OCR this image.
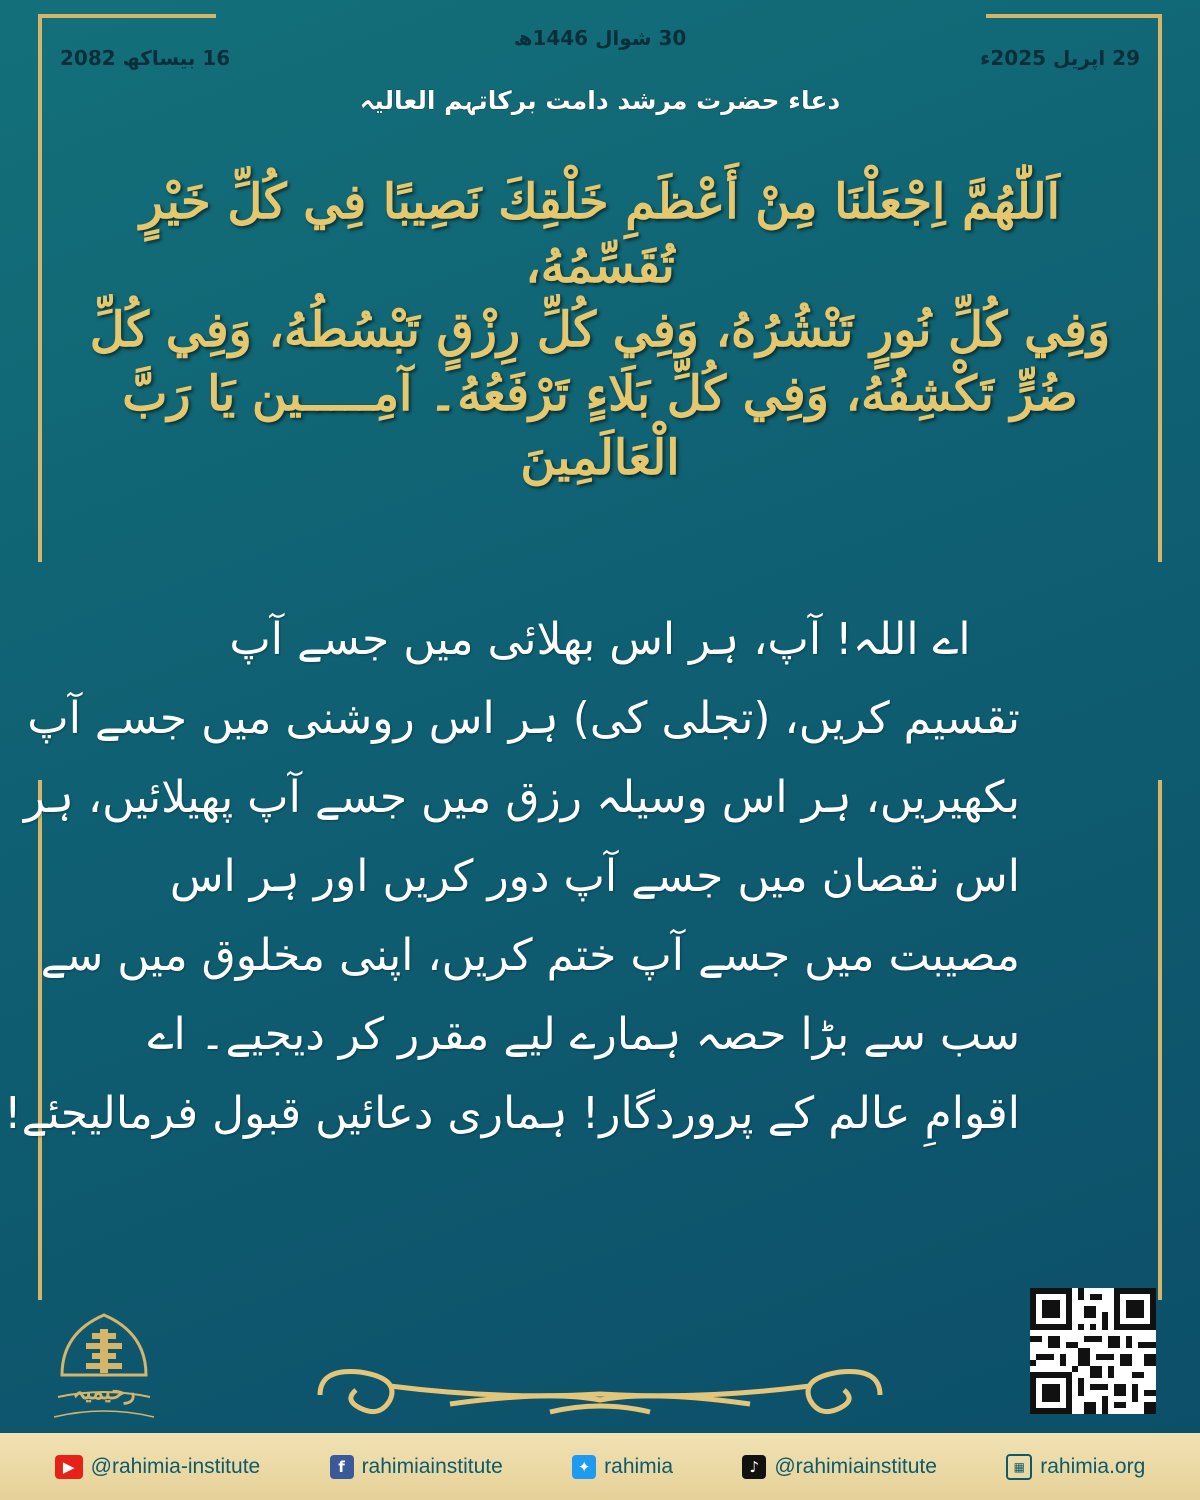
30 شوال 1446ھ
16 بیساکھ 2082	29 اپریل 2025ء
دعاء حضرت مرشد دامت برکاتہم العالیہ
اَللّٰهُمَّ اِجْعَلْنَا مِنْ أَعْظَمِ خَلْقِكَ نَصِيبًا فِي كُلِّ خَيْرٍ تُقَسِّمُهُ،
وَفِي كُلِّ نُورٍ تَنْشُرُهُ، وَفِي كُلِّ رِزْقٍ تَبْسُطُهُ، وَفِي كُلِّ
ضُرٍّ تَكْشِفُهُ، وَفِي كُلِّ بَلَاءٍ تَرْفَعُهُ۔ آمِـــــين يَا رَبَّ الْعَالَمِينَ
اے اللہ! آپ، ہر اس بھلائی میں جسے آپ
تقسیم کریں، (تجلی کی) ہر اس روشنی میں جسے آپ
بکھیریں، ہر اس وسیلہ رزق میں جسے آپ پھیلائیں، ہر
اس نقصان میں جسے آپ دور کریں اور ہر اس
مصیبت میں جسے آپ ختم کریں، اپنی مخلوق میں سے
سب سے بڑا حصہ ہمارے لیے مقرر کر دیجیے۔ اے
اقوامِ عالم کے پروردگار! ہماری دعائیں قبول فرمالیجئے!
رحیمیہ
▶ @rahimia-institute	f rahimiainstitute	✦ rahimia	♪ @rahimiainstitute	▦ rahimia.org
